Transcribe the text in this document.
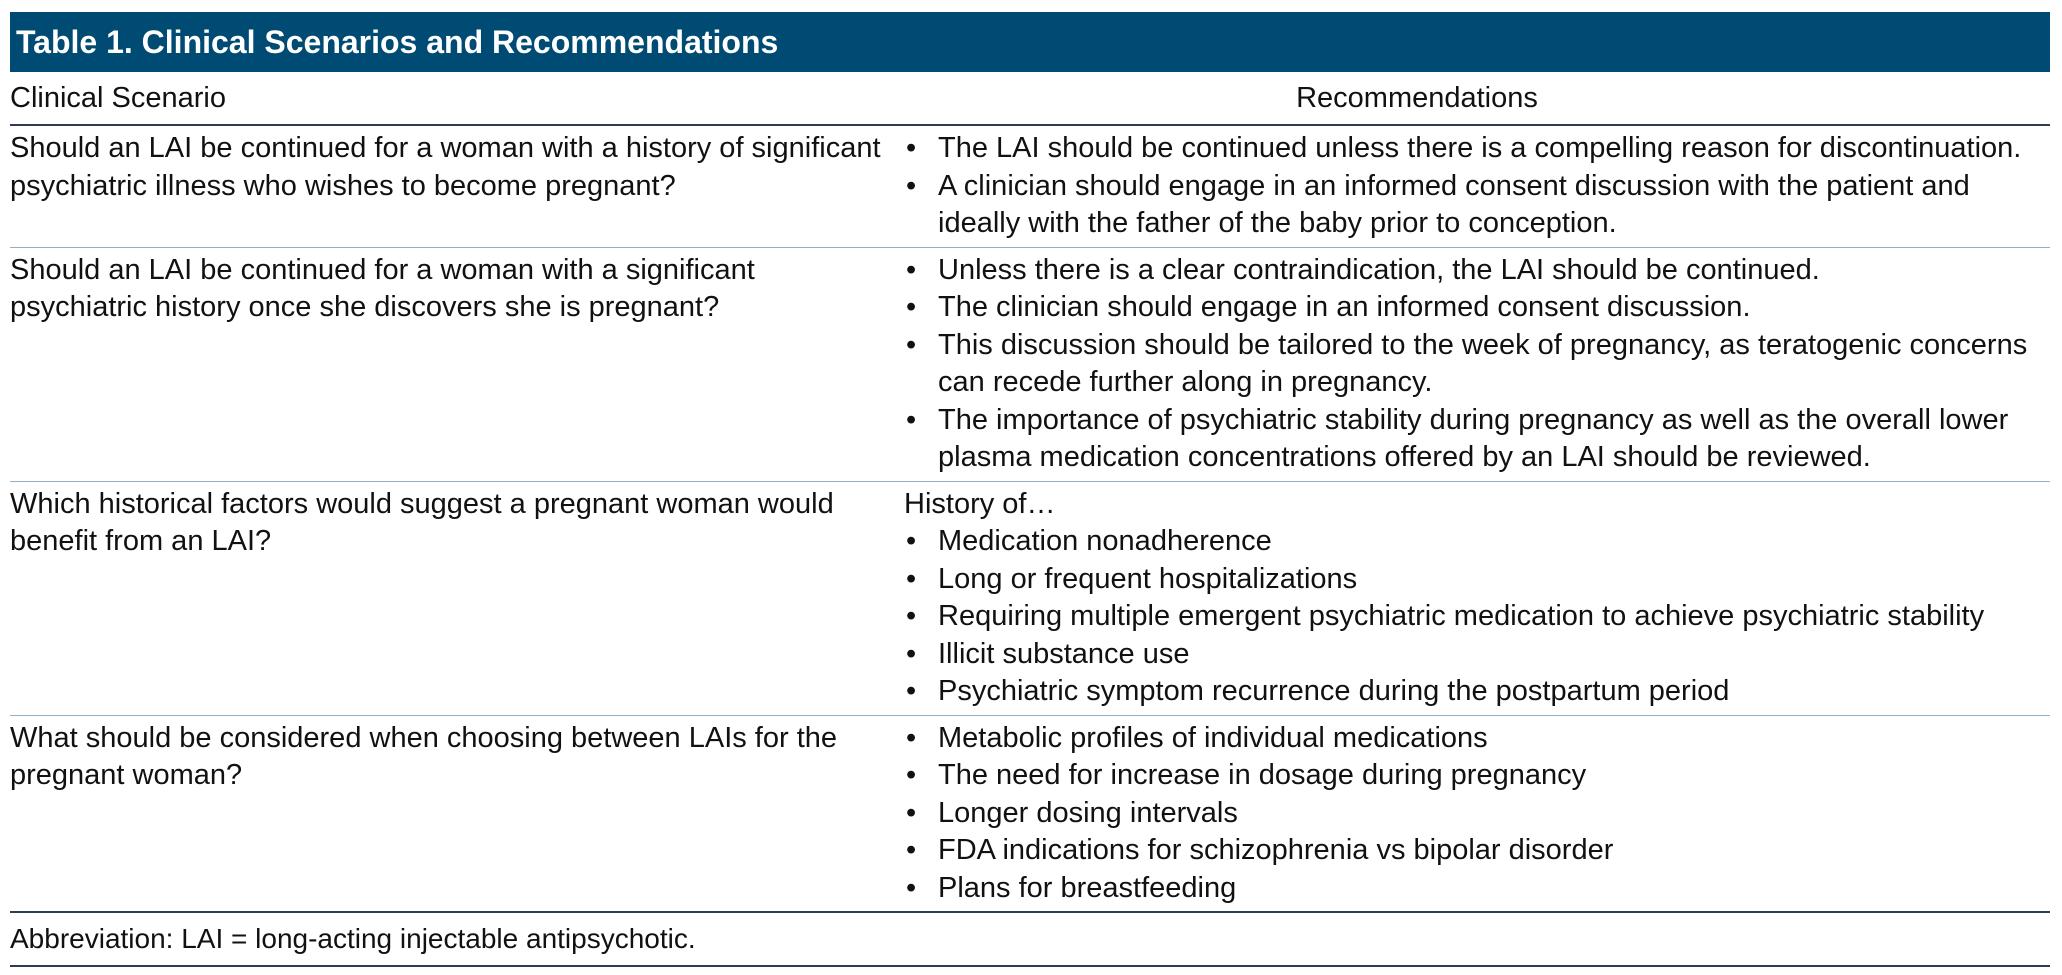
Table 1. Clinical Scenarios and Recommendations
Clinical Scenario	Recommendations
Should an LAI be continued for a woman with a history of significant psychiatric illness who wishes to become pregnant?
• The LAI should be continued unless there is a compelling reason for discontinuation.
• A clinician should engage in an informed consent discussion with the patient and ideally with the father of the baby prior to conception.
Should an LAI be continued for a woman with a significant psychiatric history once she discovers she is pregnant?
• Unless there is a clear contraindication, the LAI should be continued.
• The clinician should engage in an informed consent discussion.
• This discussion should be tailored to the week of pregnancy, as teratogenic concerns can recede further along in pregnancy.
• The importance of psychiatric stability during pregnancy as well as the overall lower plasma medication concentrations offered by an LAI should be reviewed.
Which historical factors would suggest a pregnant woman would benefit from an LAI?
History of…
• Medication nonadherence
• Long or frequent hospitalizations
• Requiring multiple emergent psychiatric medication to achieve psychiatric stability
• Illicit substance use
• Psychiatric symptom recurrence during the postpartum period
What should be considered when choosing between LAIs for the pregnant woman?
• Metabolic profiles of individual medications
• The need for increase in dosage during pregnancy
• Longer dosing intervals
• FDA indications for schizophrenia vs bipolar disorder
• Plans for breastfeeding
Abbreviation: LAI = long-acting injectable antipsychotic.
